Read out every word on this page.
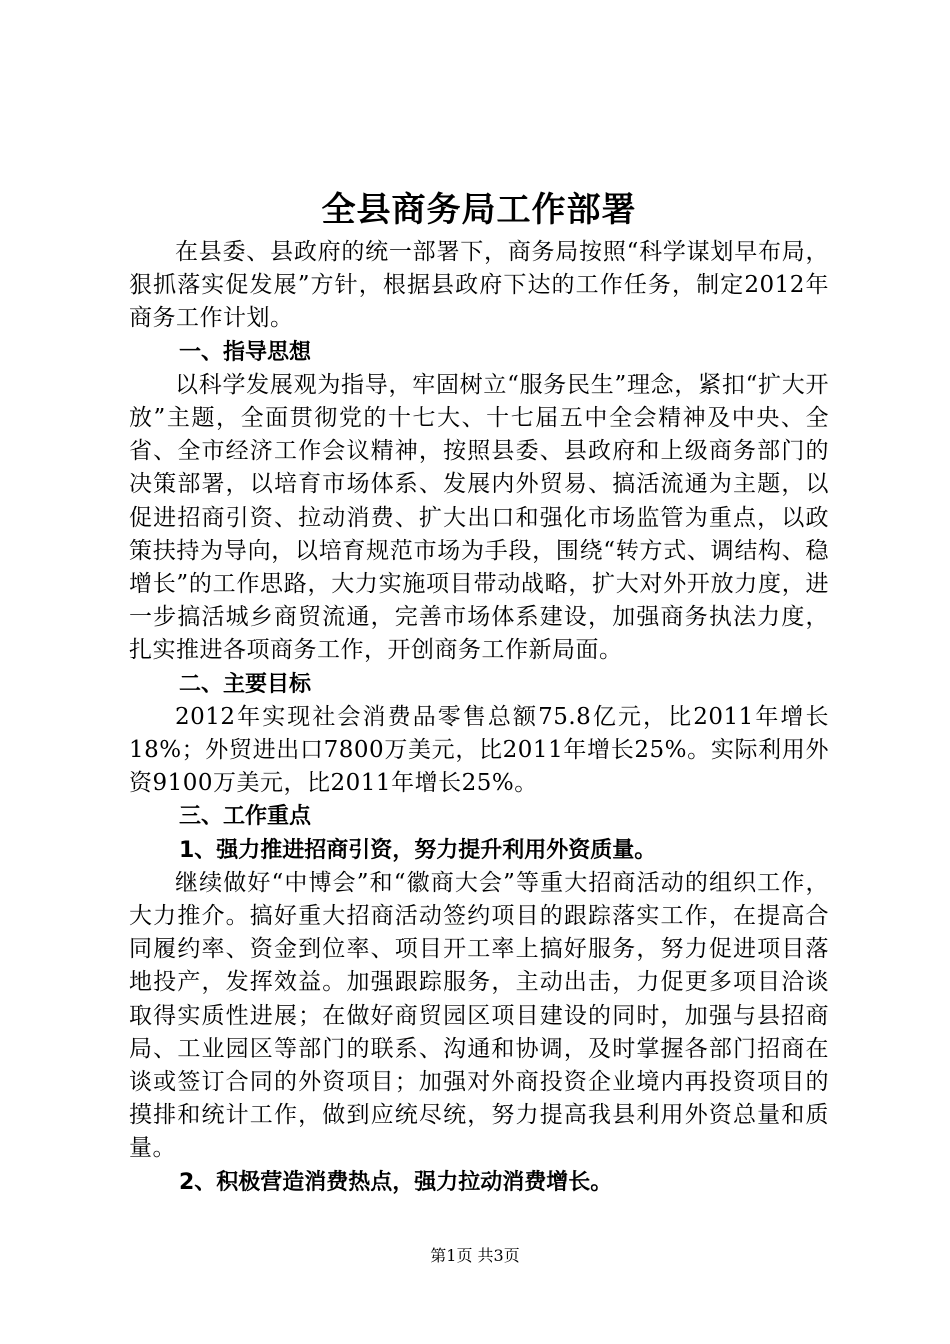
全县商务局工作部署

在县委、县政府的统一部署下，商务局按照“科学谋划早布局，狠抓落实促发展”方针，根据县政府下达的工作任务，制定2012年商务工作计划。

一、指导思想

以科学发展观为指导，牢固树立“服务民生”理念，紧扣“扩大开放”主题，全面贯彻党的十七大、十七届五中全会精神及中央、全省、全市经济工作会议精神，按照县委、县政府和上级商务部门的决策部署，以培育市场体系、发展内外贸易、搞活流通为主题，以促进招商引资、拉动消费、扩大出口和强化市场监管为重点，以政策扶持为导向，以培育规范市场为手段，围绕“转方式、调结构、稳增长”的工作思路，大力实施项目带动战略，扩大对外开放力度，进一步搞活城乡商贸流通，完善市场体系建设，加强商务执法力度，扎实推进各项商务工作，开创商务工作新局面。

二、主要目标

2012年实现社会消费品零售总额75.8亿元，比2011年增长18%；外贸进出口7800万美元，比2011年增长25%。实际利用外资9100万美元，比2011年增长25%。

三、工作重点

1、强力推进招商引资，努力提升利用外资质量。

继续做好“中博会”和“徽商大会”等重大招商活动的组织工作，大力推介。搞好重大招商活动签约项目的跟踪落实工作，在提高合同履约率、资金到位率、项目开工率上搞好服务，努力促进项目落地投产，发挥效益。加强跟踪服务，主动出击，力促更多项目洽谈取得实质性进展；在做好商贸园区项目建设的同时，加强与县招商局、工业园区等部门的联系、沟通和协调，及时掌握各部门招商在谈或签订合同的外资项目；加强对外商投资企业境内再投资项目的摸排和统计工作，做到应统尽统，努力提高我县利用外资总量和质量。

2、积极营造消费热点，强力拉动消费增长。

第1页 共3页
